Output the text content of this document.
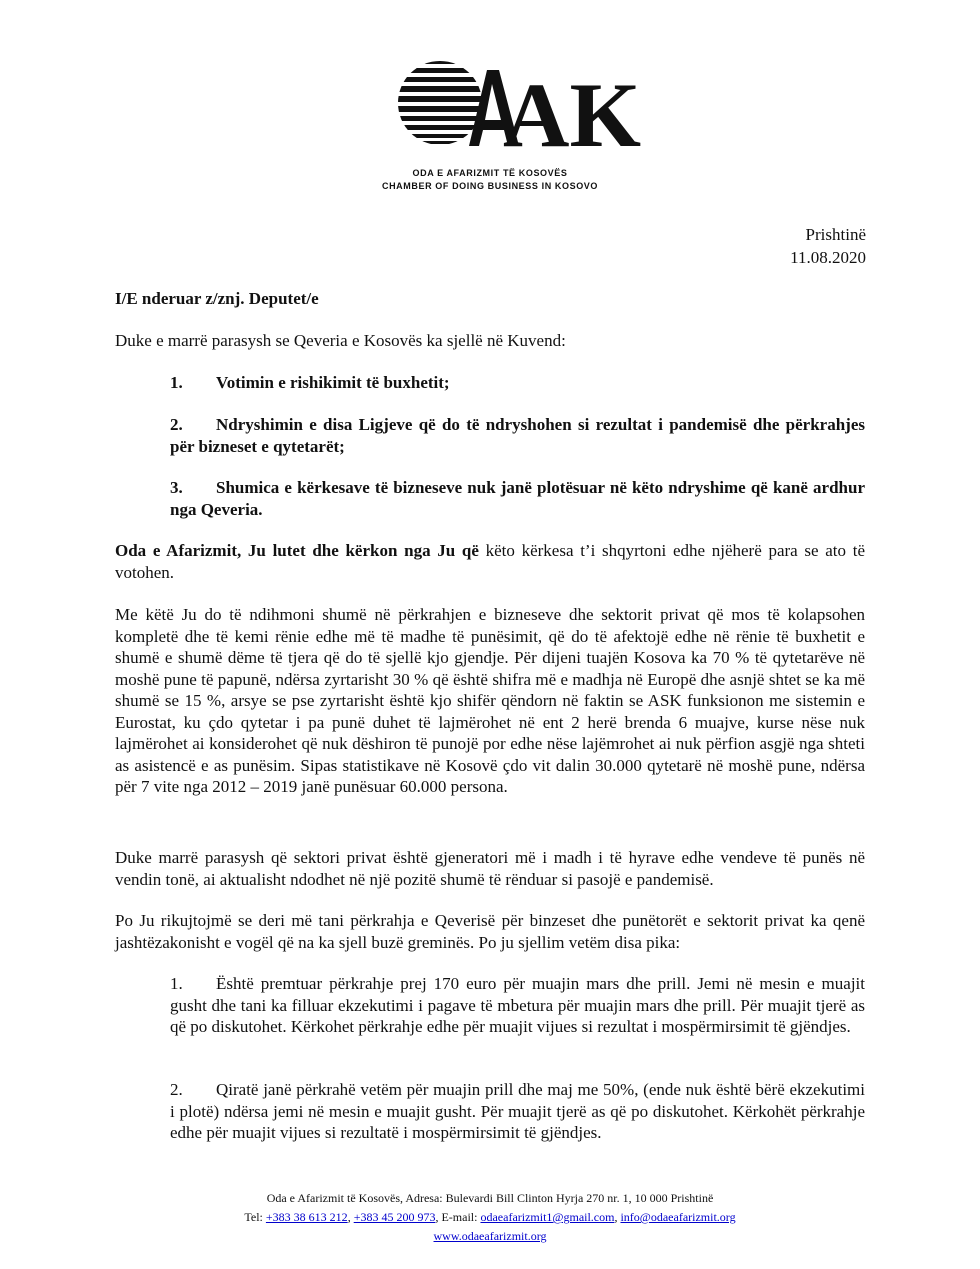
AK
ODA E AFARIZMIT TË KOSOVËS
CHAMBER OF DOING BUSINESS IN KOSOVO
Prishtinë
11.08.2020
I/E nderuar z/znj. Deputet/e
Duke e marrë parasysh se Qeveria e Kosovës ka sjellë në Kuvend:
1. Votimin e rishikimit të buxhetit;
2. Ndryshimin e disa Ligjeve që do të ndryshohen si rezultat i pandemisë dhe përkrahjes për bizneset e qytetarët;
3. Shumica e kërkesave të bizneseve nuk janë plotësuar në këto ndryshime që kanë ardhur nga Qeveria.
Oda e Afarizmit, Ju lutet dhe kërkon nga Ju që këto kërkesa t’i shqyrtoni edhe njëherë para se ato të votohen.
Me këtë Ju do të ndihmoni shumë në përkrahjen e bizneseve dhe sektorit privat që mos të kolapsohen kompletë dhe të kemi rënie edhe më të madhe të punësimit, që do të afektojë edhe në rënie të buxhetit e shumë e shumë dëme të tjera që do të sjellë kjo gjendje. Për dijeni tuajën Kosova ka 70 % të qytetarëve në moshë pune të papunë, ndërsa zyrtarisht 30 % që është shifra më e madhja në Europë dhe asnjë shtet se ka më shumë se 15 %, arsye se pse zyrtarisht është kjo shifër qëndorn në faktin se ASK funksionon me sistemin e Eurostat, ku çdo qytetar i pa punë duhet të lajmërohet në ent 2 herë brenda 6 muajve, kurse nëse nuk lajmërohet ai konsiderohet që nuk dëshiron të punojë por edhe nëse lajëmrohet ai nuk përfion asgjë nga shteti as asistencë e as punësim. Sipas statistikave në Kosovë çdo vit dalin 30.000 qytetarë në moshë pune, ndërsa për 7 vite nga 2012 – 2019 janë punësuar 60.000 persona.
Duke marrë parasysh që sektori privat është gjeneratori më i madh i të hyrave edhe vendeve të punës në vendin tonë, ai aktualisht ndodhet në një pozitë shumë të rënduar si pasojë e pandemisë.
Po Ju rikujtojmë se deri më tani përkrahja e Qeverisë për binzeset dhe punëtorët e sektorit privat ka qenë jashtëzakonisht e vogël që na ka sjell buzë greminës. Po ju sjellim vetëm disa pika:
1. Është premtuar përkrahje prej 170 euro për muajin mars dhe prill. Jemi në mesin e muajit gusht dhe tani ka filluar ekzekutimi i pagave të mbetura për muajin mars dhe prill. Për muajit tjerë as që po diskutohet. Kërkohet përkrahje edhe për muajit vijues si rezultat i mospërmirsimit të gjëndjes.
2. Qiratë janë përkrahë vetëm për muajin prill dhe maj me 50%, (ende nuk është bërë ekzekutimi i plotë) ndërsa jemi në mesin e muajit gusht. Për muajit tjerë as që po diskutohet. Kërkohët përkrahje edhe për muajit vijues si rezultatë i mospërmirsimit të gjëndjes.
Oda e Afarizmit të Kosovës, Adresa: Bulevardi Bill Clinton Hyrja 270 nr. 1, 10 000 Prishtinë
Tel: +383 38 613 212, +383 45 200 973, E-mail: odaeafarizmit1@gmail.com, info@odaeafarizmit.org
www.odaeafarizmit.org
